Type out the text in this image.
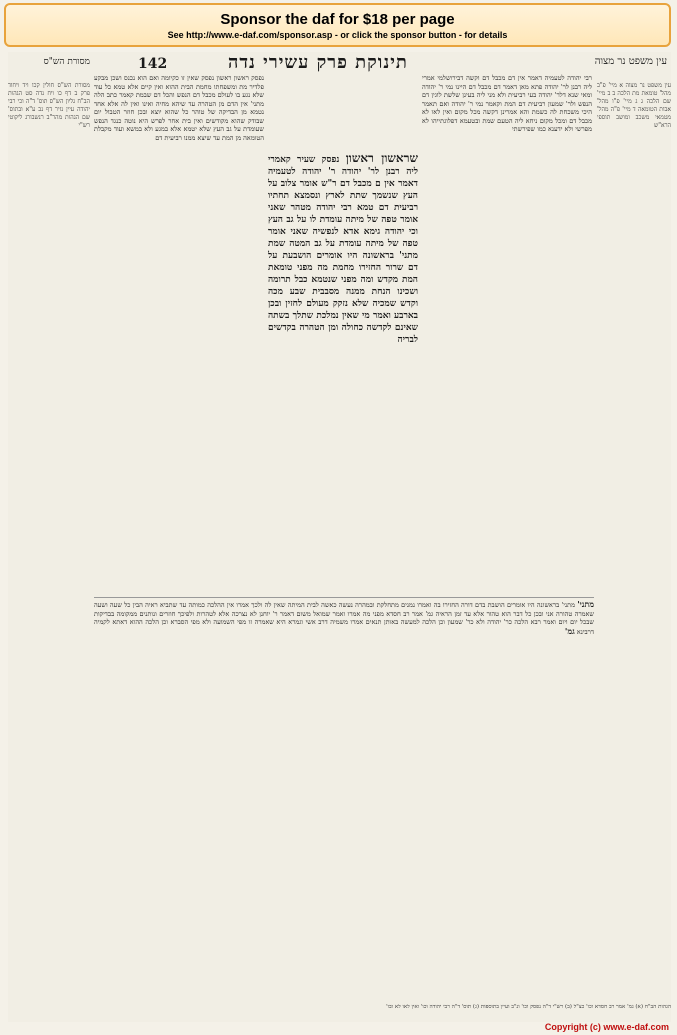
Sponsor the daf for $18 per page
See http://www.e-daf.com/sponsor.asp - or click the sponsor button - for details
מסורת הש"ס	142	תינוקת פרק עשירי נדה	עין משפט נר מצוה
מסורת הש"ס חולין קכו ויד ויחוד פרק ב דף כו ויח נדה סט הגהות הב"ח גליון הש"ס תוס' ד"ה וכי רבי יהודה עיין נזיר דף נב ע"א ובתוס' שם הגהות מהר"ב רנשבורג ליקוטי רש"י
נפסק ראשון ראשון נפסק שאין זו כקיומה ואם הוא נכנס ושכן מבקע פלדיר מת ומשפחתו מחמת הבית ההוא ואין קיים אלא טמא כל עוד שלא נגע בו לעולם מכבל דם הנפש והכל דם שבמת קאמר כתב הלה מתני' אין הדם מן הטהרה עד שיהא מחיה ואינו ואין לה אלא אחד נטמא מן הבדיקה של טוהר כל שהוא יוצא ובכן חוזר הטבול יום שבודק שהוא מקודשים ואין בית אחר לפרש היא נוטה כנגד הנפש שעומדת על גב העץ שלא יטמא אלא במגע ולא במשא ועוד מקבלת הטומאה מן המת עד שיצא ממנו רביעית דם
שראשון ראשון נפסק שעיר קאמרי ליה רבנן לר' יהודה ר' יהודה לטעמיה דאמר אין ם מכבל דם ר"ש אומר צלוב על העץ שנשמך שתת לארץ ונסמצא תחתיו רביעית דם טמא רבי יהודה מטהר שאני אומר טפה של מיתה עומדת לו על גב העץ וכי יהודה גימא אדא לנפשיה שאני אומר טפה של מיתה עומדת על גב המטה שמת מתני' בראשונה היו אומרים הושבעת על דם שרור החזירו מחמת מה מפני טומאת המת מקדש ומה מפני שנטמא כבל תרומה ושכינו הנחת ממנה מסבבית שבע מכה וקדש שמכיה שלא נזקק מעולם לחזין ובכן בארבע ואמר מי שאין נמלכת שתלך בשתה שאינם לקדשה כחולה ומן הטהרה בקדשים לבריה
רבי יהודה לטעמיה דאמר אין דם מכבל דם וקשה דבירושלמי אמרי ליה רבנן לר' יהודה פתא מאן דאמר דם מכבל דם היינו נמי ר' יהודה ומאי שנא דלר' יהודה בעי רביעית ולא מני ליה בעינן שלשת לוגין דם הנפש ולר' שמעון רביעית דם המת וקאמר נמי ר' יהודה ואם תאמר היכי משכחת לה כשמת והא אמרינן דקשה מכל מקום ואין לאו לא מכבל דם ומכל מקום ניחא ליה הטעם שמת ובטעמא דפלוגתייהו לא מפרשי ולא ידענא כמו שפירשתי
עין משפט נר מצוה א מיי' פ"ב מהל' טומאת מת הלכה ב ב מיי' שם הלכה ג ג מיי' פ"ו מהל' אבות הטומאה ד מיי' פ"ה מהל' מטמאי משכב ומושב תוספי הרא"ש
מתני' מתני' בראשונה היו אומרים הושבת בדם דורה החזירו בה ואמרו נמנים מתחלקת ובמהרה נעשה כאשה לבית המיתה שאין לה ולכך אמרו אין ההלכה כמותה עד שתביא ראיה הבין כל שעה ושעה שאמרה טהורה אני ובכן כל דבר הוא טהור אלא עד זמן הראיה גמ' אמר רב חסדא מפני מה אמרו ואמר שמואל משום דאמר ר' יוחנן לא נצרכה אלא לטהרות ולפיכך חוזרים ונותנים ממקומה בבדיקות שבכל יום ויום ואמר רבא הלכה כר' יהודה ולא כר' שמעון וכן הלכה למעשה באותן תנאים אמרו משמיה דרב אשי וגמרא היא שאמרה זו מפי השמועה ולא מפי הסברא וכן הלכה ההוא דאתא לקמיה דרבינא גמ'
הגהות הב"ח (א) גמ' אמר רב חסדא וכו' כצ"ל (ב) רש"י ד"ה נפסק וכו' ונ"ב ועיין בתוספות (ג) תוס' ד"ה רבי יהודה וכו' ואין לאו לא ובו'
Copyright (c) www.e-daf.com
